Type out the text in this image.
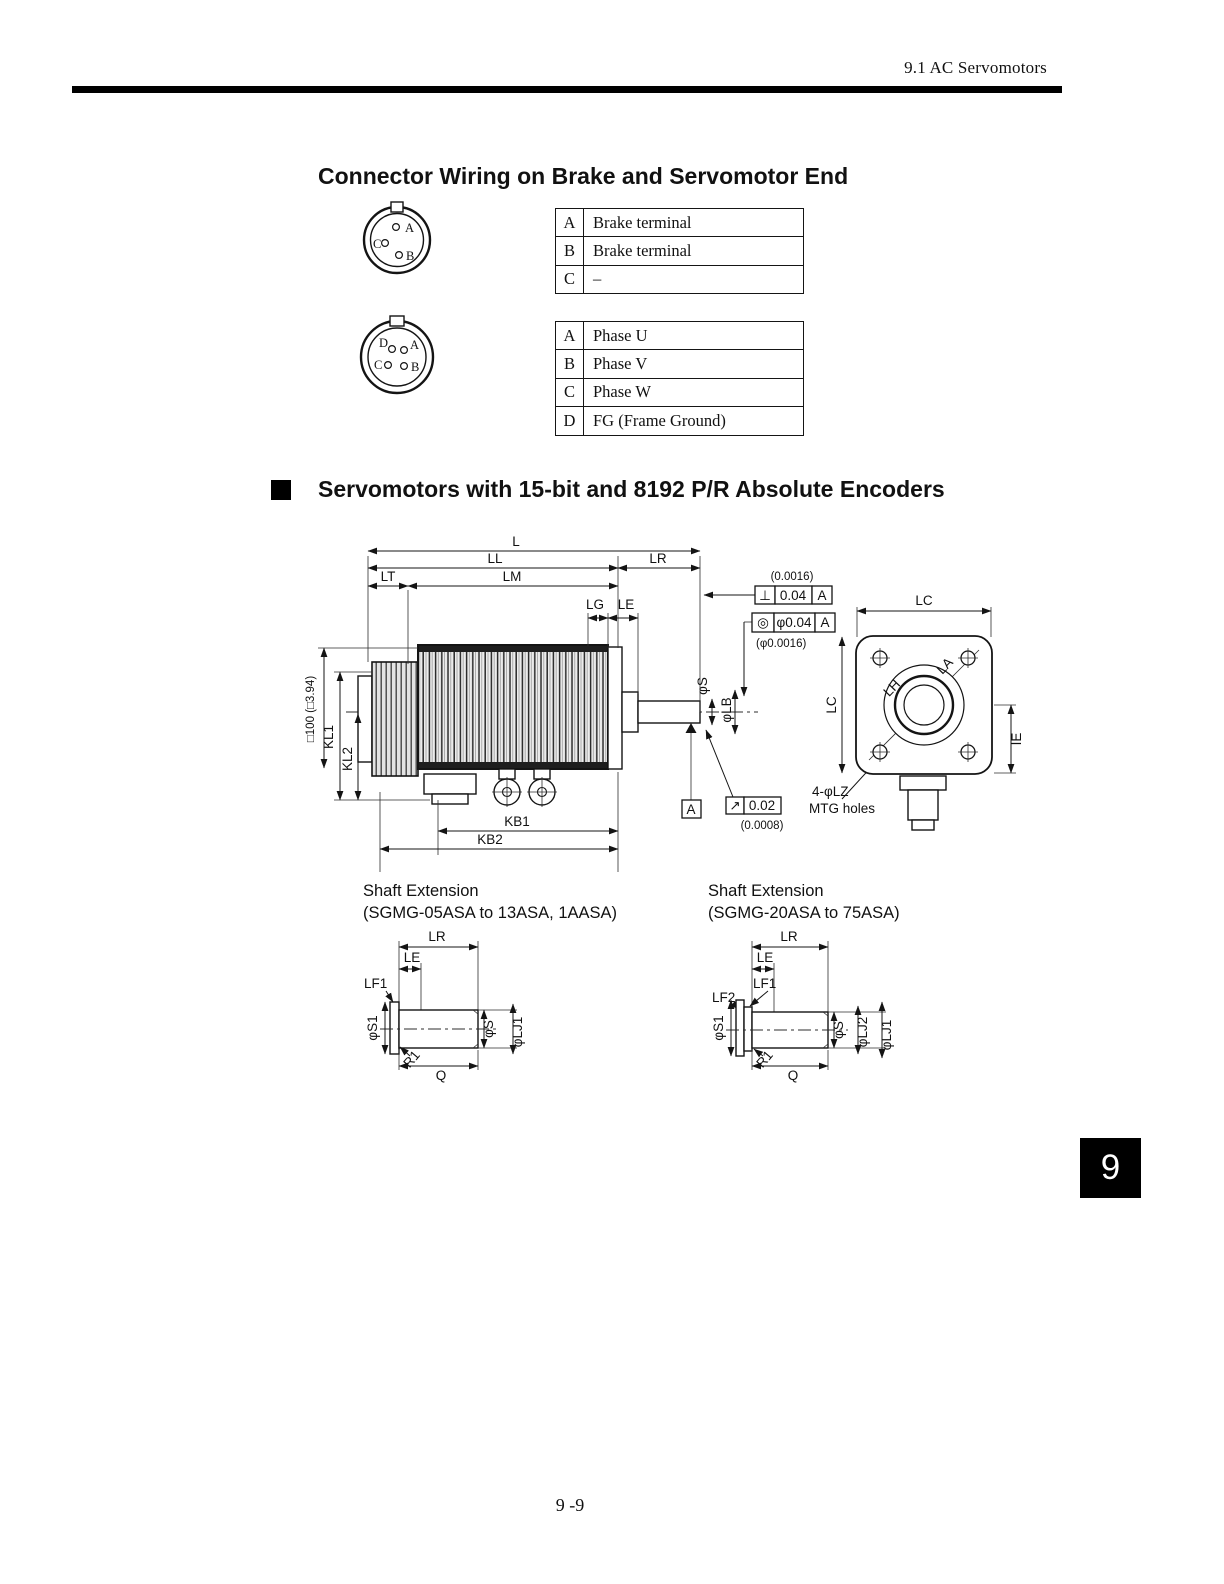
9.1 AC Servomotors
Connector Wiring on Brake and Servomotor End
A
C
B
D A
C B
A	Brake terminal
B	Brake terminal
C	–
A	Phase U
B	Phase V
C	Phase W
D	FG (Frame Ground)
Servomotors with 15-bit and 8192 P/R Absolute Encoders
L
LL	LR
LT	LM
LG LE
□100 (□3.94) KL1
KL2
φS
φLB
KB1
KB2
(0.0016)
⊥ 0.04 A
◎ φ0.04 A
(φ0.0016)
↗ 0.02
(0.0008)
A
4-φLZ
MTG holes
LC
LH
LA
LC
IE
LR
LE
LF1
φS1	φS φLJ1
R1
Q
LR
LE
LF1
LF2
φS1	φS φLJ2 φLJ1
R1
Q
Shaft Extension
(SGMG-05ASA to 13ASA, 1AASA)
Shaft Extension
(SGMG-20ASA to 75ASA)
9
9 -9
